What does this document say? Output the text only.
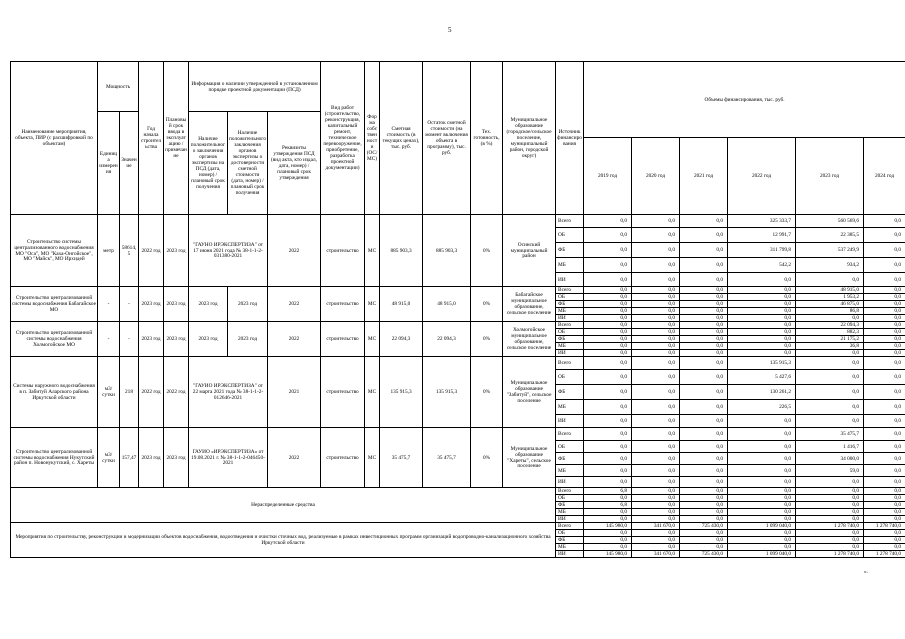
5
Наименование мероприятия, объекта, ПИР (с расшифровкой по объектам)	Мощность		Год начала строительства	Плановый срок ввода в эксплуатацию / примечание	Информация о наличии утвержденной в установленном порядке проектной документации (ПСД)			Вид работ (строительство, реконструкция, капитальный ремонт, техническое перевооружение, приобретение, разработка проектной документации)	Форма собственности (ОС/МС)	Сметная стоимость (в текущих ценах), тыс. руб.	Остаток сметной стоимости (на момент включения объекта в программу), тыс. руб.	Тех. готовность, (в %)	Муниципальное образование (городское/сельское поселение, муниципальный район, городской округ)	Источник финансирования	Объемы финансирования, тыс. руб.					
	Единица измерения	Значение			Наличие положительного заключения органов экспертизы на ПСД (дата, номер) / плановый срок получения	Наличие положительного заключения органов экспертизы о достоверности сметной стоимости (дата, номер) / плановый срок получения	Реквизиты утверждения ПСД (вид акта, кто издал, дата, номер) / плановый срок утверждения													
															2019 год	2020 год	2021 год	2022 год	2023 год	2024 год
Строительство системы централизованного водоснабжения МО "Оса", МО "Каха-Онгойское", МО "Майск", МО Ирхидей	метр	58614,5	2022 год	2023 год	"ГАУНО ИРЭКСПЕРТИЗА" от 17 июня 2021 года № 38-1-1-2-031380-2021		2022	строительство	МС	885 903,3	885 903,3	0%	Осинский муниципальный район	Всего	0,0	0,0	0,0	325 333,7	560 569,6	0,0
														ОБ	0,0	0,0	0,0	12 991,7	22 385,5	0,0
														ФБ	0,0	0,0	0,0	311 799,8	537 249,9	0,0
														МБ	0,0	0,0	0,0	542,2	934,2	0,0
														ИИ	0,0	0,0	0,0	0,0	0,0	0,0
Строительство централизованной системы водоснабжения Бабагайское МО	-	-	2023 год	2023 год	2023 год	2023 год	2022	строительство	МС	48 915,0	48 915,0	0%	Бабагайское муниципальное образование, сельское поселение	Всего	0,0	0,0	0,0	0,0	48 915,0	0,0
														ОБ	0,0	0,0	0,0	0,0	1 953,2	0,0
														ФБ	0,0	0,0	0,0	0,0	46 875,0	0,0
														МБ	0,0	0,0	0,0	0,0	86,8	0,0
														ИИ	0,0	0,0	0,0	0,0	0,0	0,0
Строительство централизованной системы водоснабжения Холмогойское МО	-	-	2023 год	2023 год	2023 год	2023 год	2022	строительство	МС	22 094,3	22 094,3	0%	Холмогойское муниципальное образование, сельское поселение	Всего	0,0	0,0	0,0	0,0	22 094,3	0,0
														ОБ	0,0	0,0	0,0	0,0	882,3	0,0
														ФБ	0,0	0,0	0,0	0,0	21 175,2	0,0
														МБ	0,0	0,0	0,0	0,0	36,8	0,0
														ИИ	0,0	0,0	0,0	0,0	0,0	0,0
Системы наружного водоснабжения в п. Забитуй Аларского района Иркутской области	м3/сутки	218	2022 год	2022 год	"ГАУИО ИРЭКСПЕРТИЗА" от 22 марта 2021 года № 38-1-1-2-012646-2021		2021	строительство	МС	135 915,3	135 915,3	0%	Муниципальное образование "Забитуй", сельское поселение	Всего	0,0	0,0	0,0	135 915,3	0,0	0,0
														ОБ	0,0	0,0	0,0	5 427,6	0,0	0,0
														ФБ	0,0	0,0	0,0	130 261,2	0,0	0,0
														МБ	0,0	0,0	0,0	226,5	0,0	0,0
														ИИ	0,0	0,0	0,0	0,0	0,0	0,0
Строительство централизованной системы водоснабжения Нукутский район п. Новонукутский, с. Хареты	м3/сутки	157,47	2023 год	2023 год	ГАУИО «ИРЭКСПЕРТИЗА» от 19.08.2021 г. № 38-1-1-2-046450-2021		2022	строительство	МС	35 475,7	35 475,7	0%	Муниципальное образование "Хареты", сельское поселение	Всего	0,0	0,0	0,0	0,0	35 475,7	0,0
														ОБ	0,0	0,0	0,0	0,0	1 416,7	0,0
														ФБ	0,0	0,0	0,0	0,0	34 000,0	0,0
														МБ	0,0	0,0	0,0	0,0	59,0	0,0
														ИИ	0,0	0,0	0,0	0,0	0,0	0,0
Нераспределенные средства														Всего	6,8	0,0	0,0	0,0	0,0	0,0
														ОБ	0,0	0,0	0,0	0,0	0,0	0,0
														ФБ	6,8	0,0	0,0	0,0	0,0	0,0
														МБ	0,0	0,0	0,0	0,0	0,0	0,0
														ИИ	0,0	0,0	0,0	0,0	0,0	0,0
Мероприятия по строительству, реконструкции и модернизации объектов водоснабжения, водоотведения и очистки сточных вод, реализуемые в рамках инвестиционных программ организаций водопроводно-канализационного хозяйства Иркутской области														Всего	145 980,0	341 670,0	725 430,0	1 099 040,0	1 278 740,0	1 278 740,0
														ОБ	0,0	0,0	0,0	0,0	0,0	0,0
														ФБ	0,0	0,0	0,0	0,0	0,0	0,0
														МБ	0,0	0,0	0,0	0,0	0,0	0,0
														ИИ	145 980,0	341 670,0	725 430,0	1 099 040,0	1 278 740,0	1 278 740,0
».
